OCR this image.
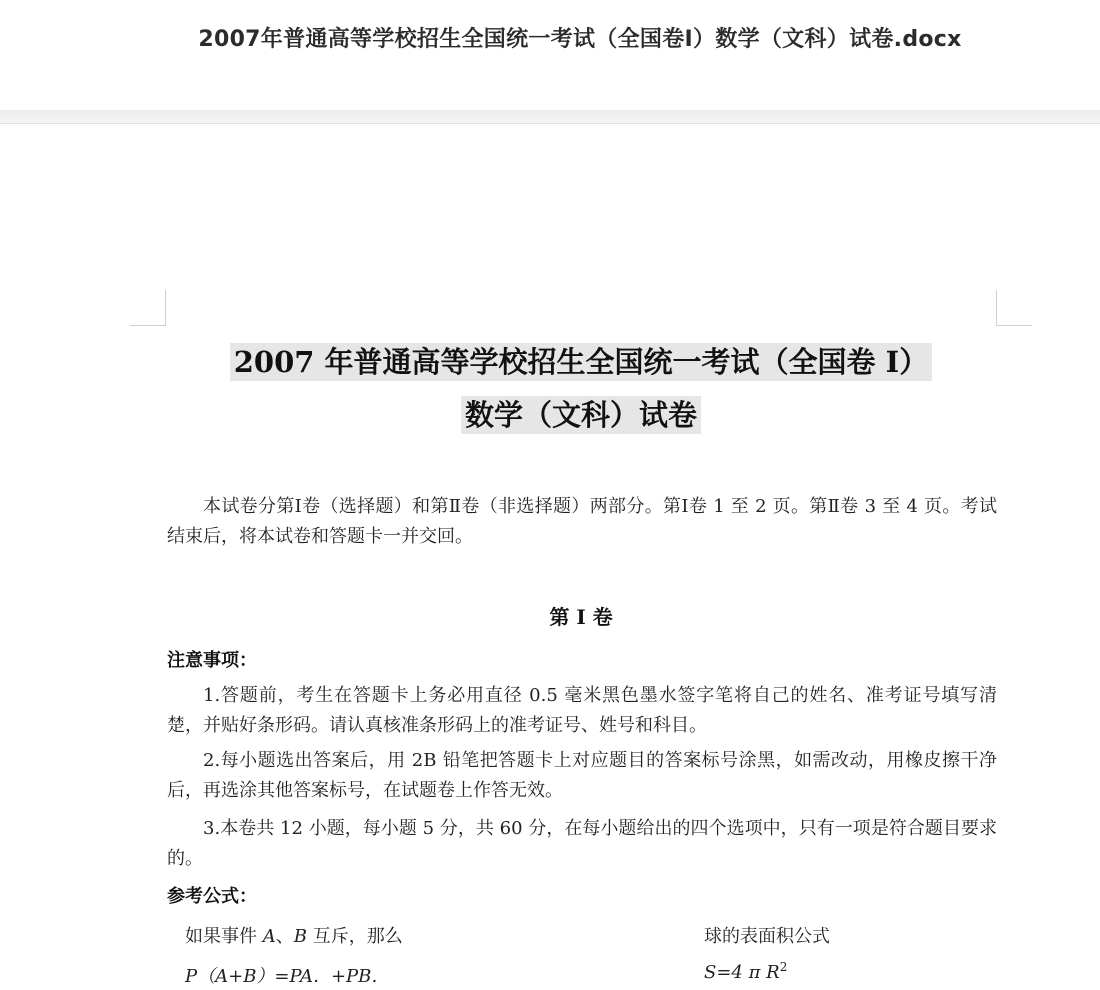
2007年普通高等学校招生全国统一考试（全国卷I）数学（文科）试卷.docx
2007 年普通高等学校招生全国统一考试（全国卷 I）
数学（文科）试卷
本试卷分第Ⅰ卷（选择题）和第Ⅱ卷（非选择题）两部分。第Ⅰ卷 1 至 2 页。第Ⅱ卷 3 至 4 页。考试结束后，将本试卷和答题卡一并交回。
第 I 卷
注意事项：
1.答题前，考生在答题卡上务必用直径 0.5 毫米黑色墨水签字笔将自己的姓名、准考证号填写清楚，并贴好条形码。请认真核准条形码上的准考证号、姓号和科目。
2.每小题选出答案后，用 2B 铅笔把答题卡上对应题目的答案标号涂黑，如需改动，用橡皮擦干净后，再选涂其他答案标号，在试题卷上作答无效。
3.本卷共 12 小题，每小题 5 分，共 60 分，在每小题给出的四个选项中，只有一项是符合题目要求的。
参考公式：
如果事件 A、B 互斥，那么
P（A+B）=PA．+PB．
球的表面积公式
S=4 π $R^2$
